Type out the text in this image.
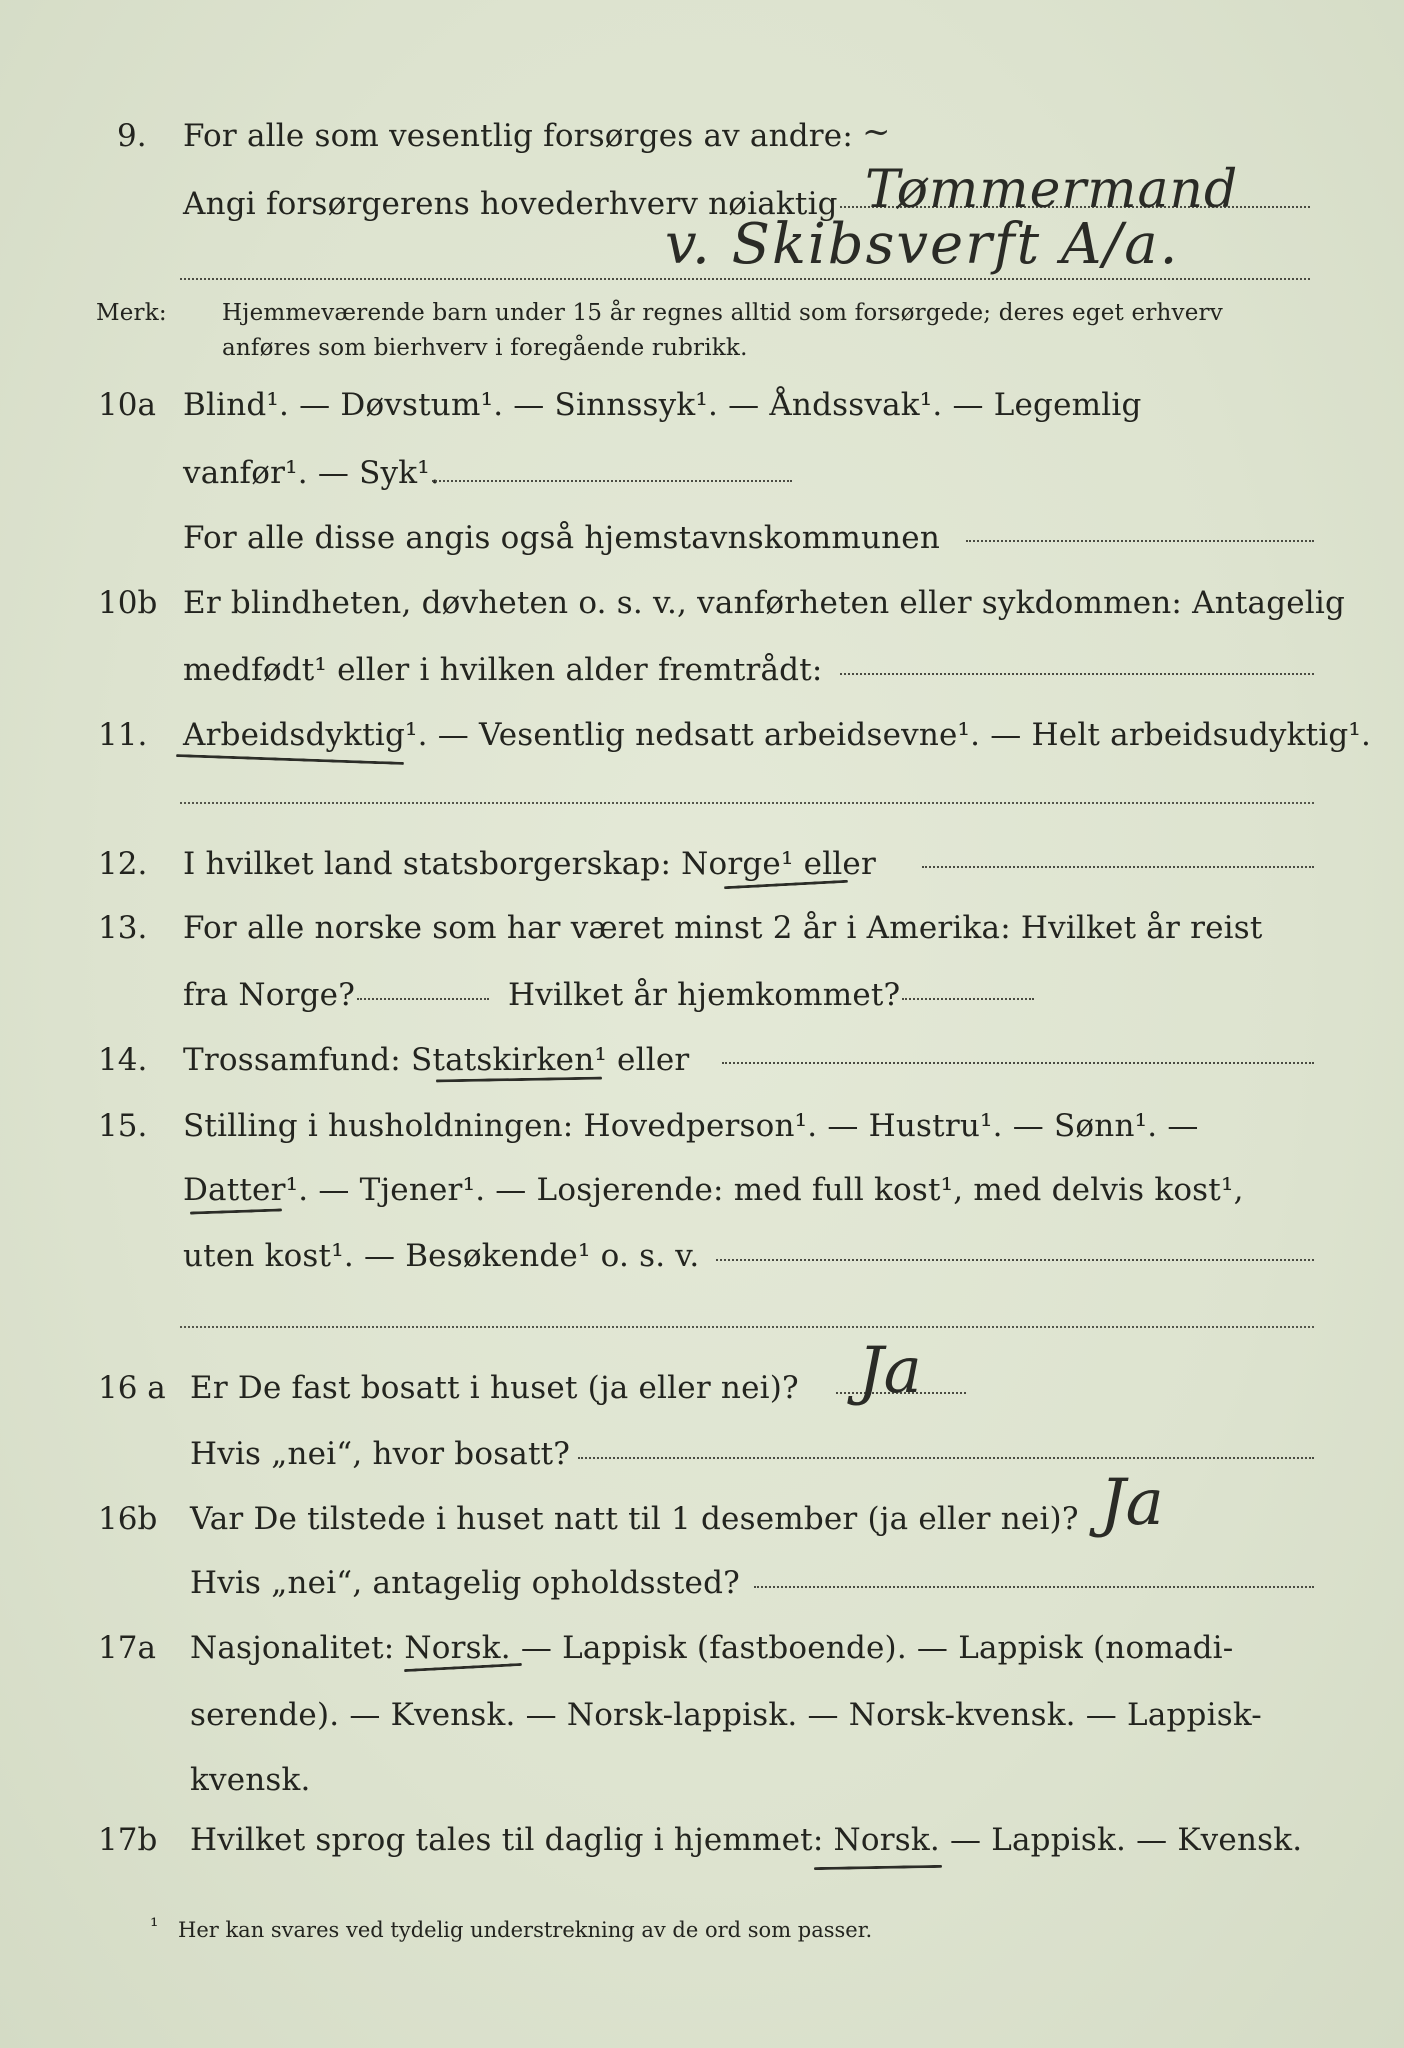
9. For alle som vesentlig forsørges av andre: ~
Angi forsørgerens hovederhverv nøiaktig Tømmermand
v. Skibsverft A/a.
Merk: Hjemmeværende barn under 15 år regnes alltid som forsørgede; deres eget erhverv
anføres som bierhverv i foregående rubrikk.
10a Blind¹. — Døvstum¹. — Sinnssyk¹. — Åndssvak¹. — Legemlig
vanfør¹. — Syk¹.
For alle disse angis også hjemstavnskommunen
10b Er blindheten, døvheten o. s. v., vanførheten eller sykdommen: Antagelig
medfødt¹ eller i hvilken alder fremtrådt:
11. Arbeidsdyktig¹. — Vesentlig nedsatt arbeidsevne¹. — Helt arbeidsudyktig¹.
12. I hvilket land statsborgerskap: Norge¹ eller
13. For alle norske som har været minst 2 år i Amerika: Hvilket år reist
fra Norge?	Hvilket år hjemkommet?
14. Trossamfund: Statskirken¹ eller
15. Stilling i husholdningen: Hovedperson¹. — Hustru¹. — Sønn¹. —
Datter¹. — Tjener¹. — Losjerende: med full kost¹, med delvis kost¹,
uten kost¹. — Besøkende¹ o. s. v.
16 a Er De fast bosatt i huset (ja eller nei)? Ja
Hvis „nei“, hvor bosatt?
16b Var De tilstede i huset natt til 1 desember (ja eller nei)? Ja
Hvis „nei“, antagelig opholdssted?
17a Nasjonalitet: Norsk. — Lappisk (fastboende). — Lappisk (nomadi-
serende). — Kvensk. — Norsk-lappisk. — Norsk-kvensk. — Lappisk-
kvensk.
17b Hvilket sprog tales til daglig i hjemmet: Norsk. — Lappisk. — Kvensk.
¹ Her kan svares ved tydelig understrekning av de ord som passer.
